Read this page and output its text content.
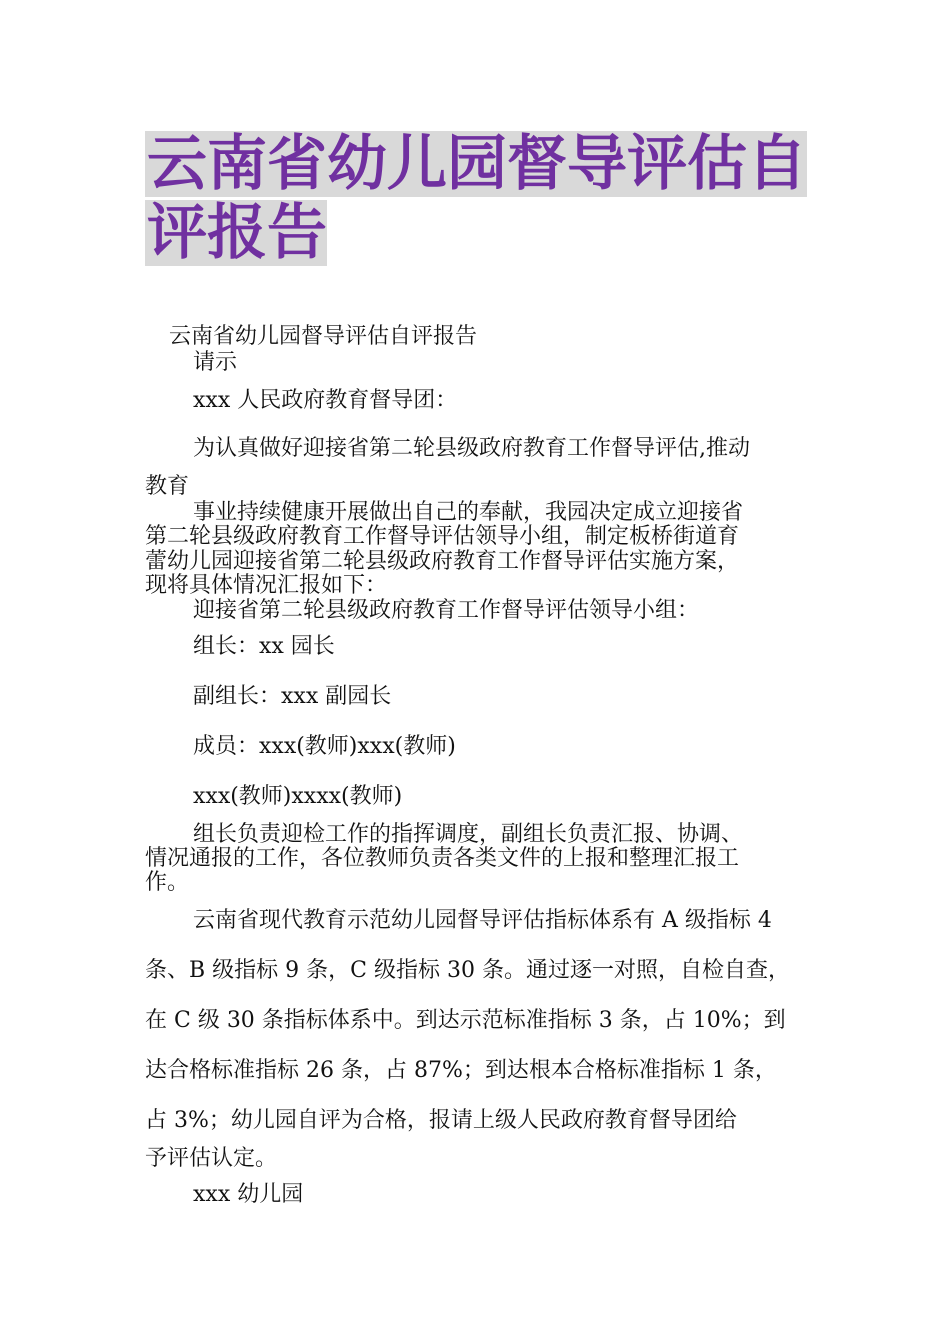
云南省幼儿园督导评估自
评报告
云南省幼儿园督导评估自评报告
请示
xxx 人民政府教育督导团：
为认真做好迎接省第二轮县级政府教育工作督导评估,推动
教育
事业持续健康开展做出自己的奉献，我园决定成立迎接省
第二轮县级政府教育工作督导评估领导小组，制定板桥街道育
蕾幼儿园迎接省第二轮县级政府教育工作督导评估实施方案，
现将具体情况汇报如下：
迎接省第二轮县级政府教育工作督导评估领导小组：
组长：xx 园长
副组长：xxx 副园长
成员：xxx(教师)xxx(教师)
xxx(教师)xxxx(教师)
组长负责迎检工作的指挥调度，副组长负责汇报、协调、
情况通报的工作，各位教师负责各类文件的上报和整理汇报工
作。
云南省现代教育示范幼儿园督导评估指标体系有 A 级指标 4
条、B 级指标 9 条，C 级指标 30 条。通过逐一对照，自检自查，
在 C 级 30 条指标体系中。到达示范标准指标 3 条，占 10%；到
达合格标准指标 26 条，占 87%；到达根本合格标准指标 1 条，
占 3%；幼儿园自评为合格，报请上级人民政府教育督导团给
予评估认定。
xxx 幼儿园
